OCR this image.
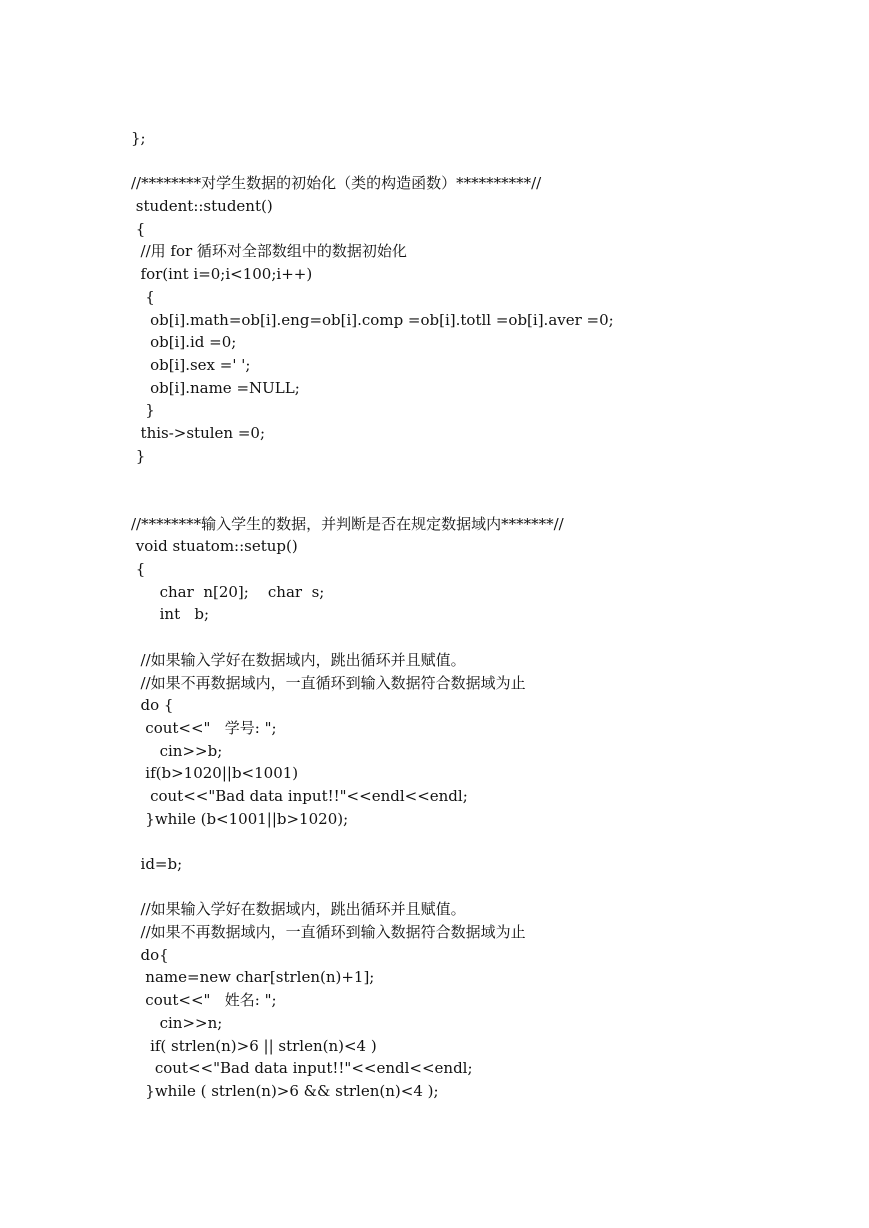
};
//********对学生数据的初始化（类的构造函数）**********//
student::student()
{
//用 for 循环对全部数组中的数据初始化
for(int i=0;i<100;i++)
{
ob[i].math=ob[i].eng=ob[i].comp =ob[i].totll =ob[i].aver =0;
ob[i].id =0;
ob[i].sex =' ';
ob[i].name =NULL;
}
this->stulen =0;
}
//********输入学生的数据，并判断是否在规定数据域内*******//
void stuatom::setup()
{
char  n[20];    char  s;
int   b;
//如果输入学好在数据域内，跳出循环并且赋值。
//如果不再数据域内，一直循环到输入数据符合数据域为止
do {
cout<<"   学号: ";
cin>>b;
if(b>1020||b<1001)
cout<<"Bad data input!!"<<endl<<endl;
}while (b<1001||b>1020);
id=b;
//如果输入学好在数据域内，跳出循环并且赋值。
//如果不再数据域内，一直循环到输入数据符合数据域为止
do{
name=new char[strlen(n)+1];
cout<<"   姓名: ";
cin>>n;
if( strlen(n)>6 || strlen(n)<4 )
cout<<"Bad data input!!"<<endl<<endl;
}while ( strlen(n)>6 && strlen(n)<4 );
